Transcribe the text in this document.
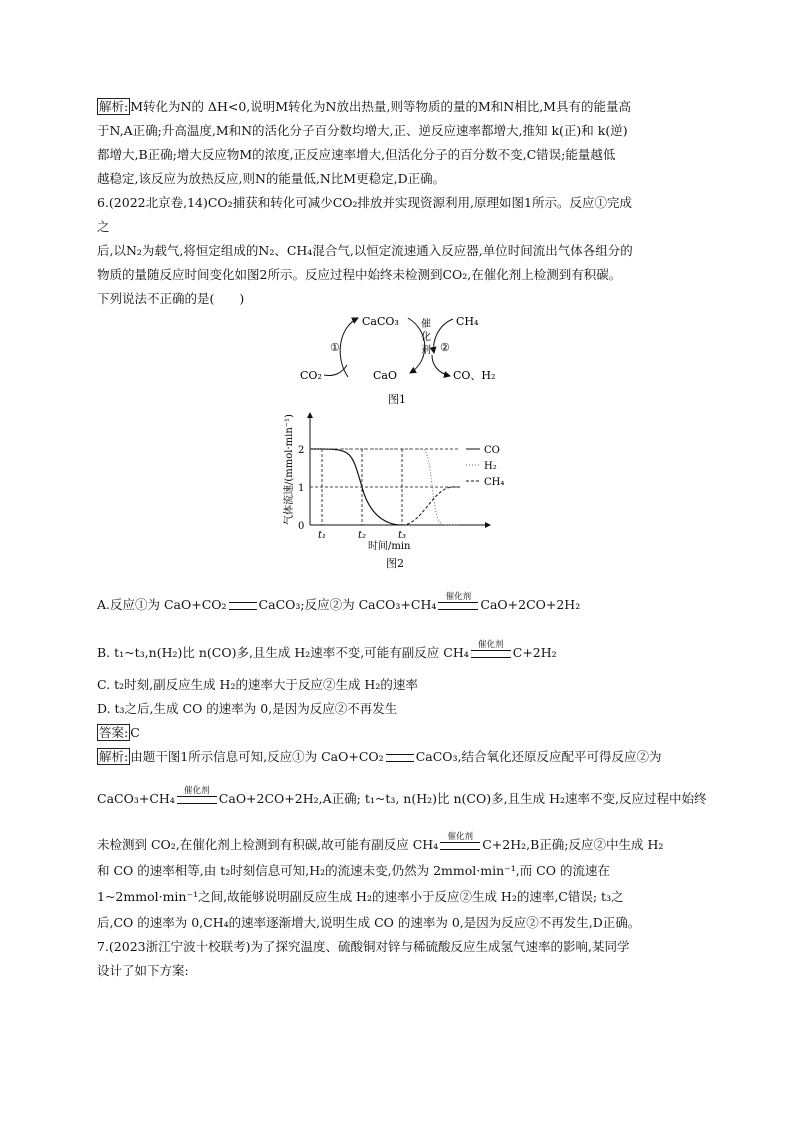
解析: M转化为N的 ΔH<0,说明M转化为N放出热量,则等物质的量的M和N相比,M具有的能量高
于N,A正确;升高温度,M和N的活化分子百分数均增大,正、逆反应速率都增大,推知 k(正)和 k(逆)
都增大,B正确;增大反应物M的浓度,正反应速率增大,但活化分子的百分数不变,C错误;能量越低
越稳定,该反应为放热反应,则N的能量低,N比M更稳定,D正确。
6.(2022北京卷,14)CO₂捕获和转化可减少CO₂排放并实现资源利用,原理如图1所示。反应①完成
之
后,以N₂为载气,将恒定组成的N₂、CH₄混合气,以恒定流速通入反应器,单位时间流出气体各组分的
物质的量随反应时间变化如图2所示。反应过程中始终未检测到CO₂,在催化剂上检测到有积碳。
下列说法不正确的是(　　)
CaCO₃
CaO
CO₂
CH₄
CO、H₂
①	②
催化剂
图1
气体流速/(mmol·min⁻¹)
时间/min
0
1
2
t₁	t₂	t₃
CO
H₂
CH₄
图2
A.反应①为 CaO+CO₂	CaCO₃;反应②为 CaCO₃+CH₄
催化剂
CaO+2CO+2H₂
B. t₁~t₃,n(H₂)比 n(CO)多,且生成 H₂速率不变,可能有副反应 CH₄
催化剂
C+2H₂
C. t₂时刻,副反应生成 H₂的速率大于反应②生成 H₂的速率
D. t₃之后,生成 CO 的速率为 0,是因为反应②不再发生
答案: C
解析: 由题干图1所示信息可知,反应①为 CaO+CO₂	CaCO₃,结合氧化还原反应配平可得反应②为
CaCO₃+CH₄
催化剂
CaO+2CO+2H₂,A正确; t₁~t₃, n(H₂)比 n(CO)多,且生成 H₂速率不变,反应过程中始终
未检测到 CO₂,在催化剂上检测到有积碳,故可能有副反应 CH₄
催化剂
C+2H₂,B正确;反应②中生成 H₂
和 CO 的速率相等,由 t₂时刻信息可知,H₂的流速未变,仍然为 2mmol·min⁻¹,而 CO 的流速在
1~2mmol·min⁻¹之间,故能够说明副反应生成 H₂的速率小于反应②生成 H₂的速率,C错误; t₃之
后,CO 的速率为 0,CH₄的速率逐渐增大,说明生成 CO 的速率为 0,是因为反应②不再发生,D正确。
7.(2023浙江宁波十校联考)为了探究温度、硫酸铜对锌与稀硫酸反应生成氢气速率的影响,某同学
设计了如下方案:
